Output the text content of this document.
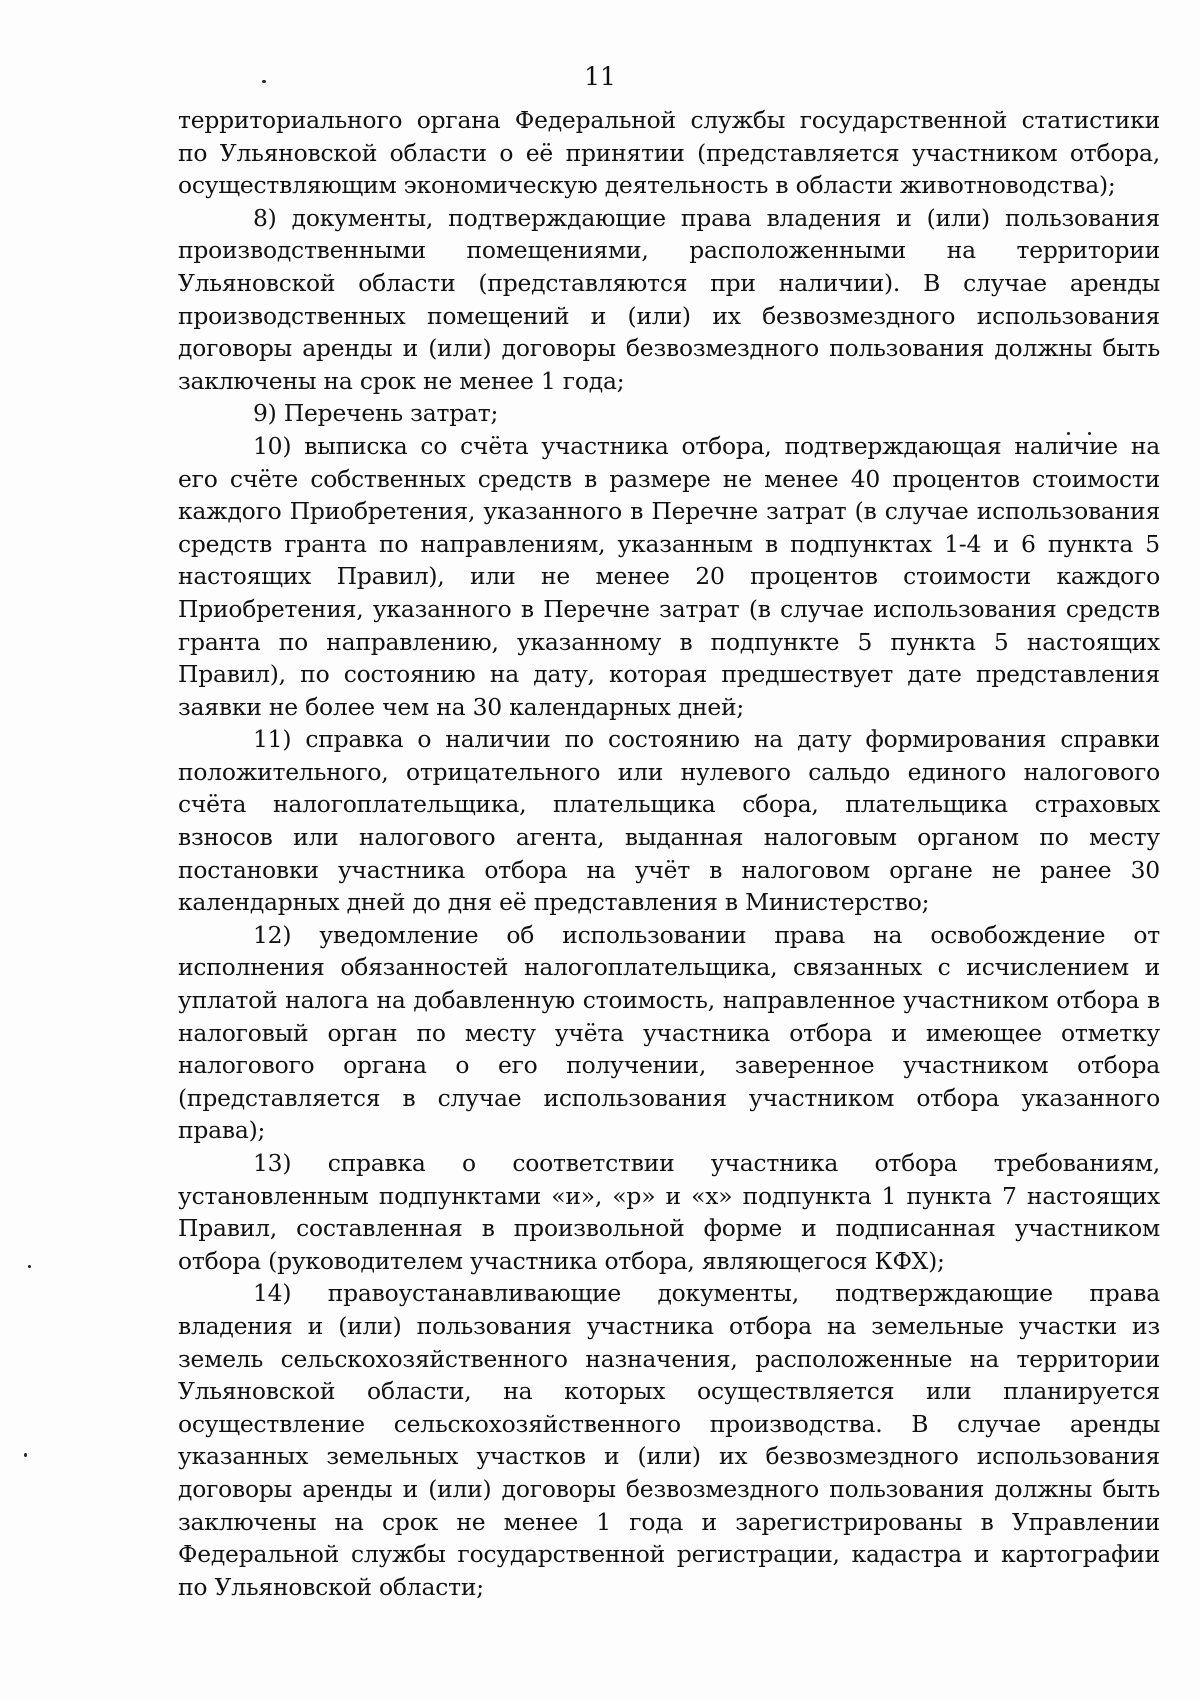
11

территориального органа Федеральной службы государственной статистики по Ульяновской области о её принятии (представляется участником отбора, осуществляющим экономическую деятельность в области животноводства);

8) документы, подтверждающие права владения и (или) пользования производственными помещениями, расположенными на территории Ульяновской области (представляются при наличии). В случае аренды производственных помещений и (или) их безвозмездного использования договоры аренды и (или) договоры безвозмездного пользования должны быть заключены на срок не менее 1 года;

9) Перечень затрат;

10) выписка со счёта участника отбора, подтверждающая наличие на его счёте собственных средств в размере не менее 40 процентов стоимости каждого Приобретения, указанного в Перечне затрат (в случае использования средств гранта по направлениям, указанным в подпунктах 1-4 и 6 пункта 5 настоящих Правил), или не менее 20 процентов стоимости каждого Приобретения, указанного в Перечне затрат (в случае использования средств гранта по направлению, указанному в подпункте 5 пункта 5 настоящих Правил), по состоянию на дату, которая предшествует дате представления заявки не более чем на 30 календарных дней;

11) справка о наличии по состоянию на дату формирования справки положительного, отрицательного или нулевого сальдо единого налогового счёта налогоплательщика, плательщика сбора, плательщика страховых взносов или налогового агента, выданная налоговым органом по месту постановки участника отбора на учёт в налоговом органе не ранее 30 календарных дней до дня её представления в Министерство;

12) уведомление об использовании права на освобождение от исполнения обязанностей налогоплательщика, связанных с исчислением и уплатой налога на добавленную стоимость, направленное участником отбора в налоговый орган по месту учёта участника отбора и имеющее отметку налогового органа о его получении, заверенное участником отбора (представляется в случае использования участником отбора указанного права);

13) справка о соответствии участника отбора требованиям, установленным подпунктами «и», «р» и «х» подпункта 1 пункта 7 настоящих Правил, составленная в произвольной форме и подписанная участником отбора (руководителем участника отбора, являющегося КФХ);

14) правоустанавливающие документы, подтверждающие права владения и (или) пользования участника отбора на земельные участки из земель сельскохозяйственного назначения, расположенные на территории Ульяновской области, на которых осуществляется или планируется осуществление сельскохозяйственного производства. В случае аренды указанных земельных участков и (или) их безвозмездного использования договоры аренды и (или) договоры безвозмездного пользования должны быть заключены на срок не менее 1 года и зарегистрированы в Управлении Федеральной службы государственной регистрации, кадастра и картографии по Ульяновской области;
